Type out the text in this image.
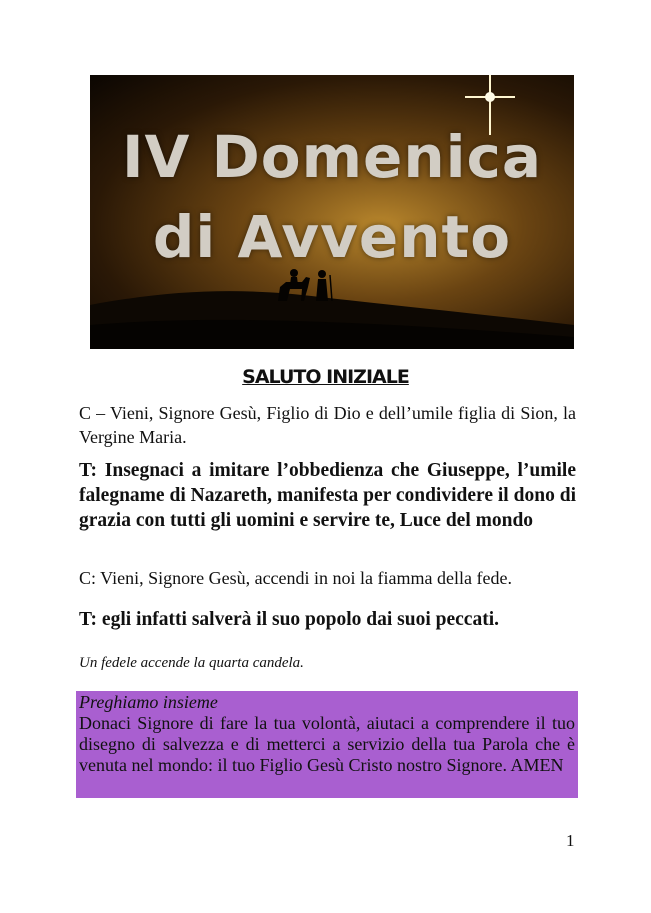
IV Domenica
di Avvento
SALUTO INIZIALE
C – Vieni, Signore Gesù, Figlio di Dio e dell’umile figlia di Sion, la Vergine Maria.
T: Insegnaci a imitare l’obbedienza che Giuseppe, l’umile falegname di Nazareth, manifesta per condividere il dono di grazia con tutti gli uomini e servire te, Luce del mondo
C: Vieni, Signore Gesù, accendi in noi la fiamma della fede.
T: egli infatti salverà il suo popolo dai suoi peccati.
Un fedele accende la quarta candela.
Preghiamo insieme
Donaci Signore di fare la tua volontà, aiutaci a comprendere il tuo disegno di salvezza e di metterci a servizio della tua Parola che è venuta nel mondo: il tuo Figlio Gesù Cristo nostro Signore. AMEN
1
